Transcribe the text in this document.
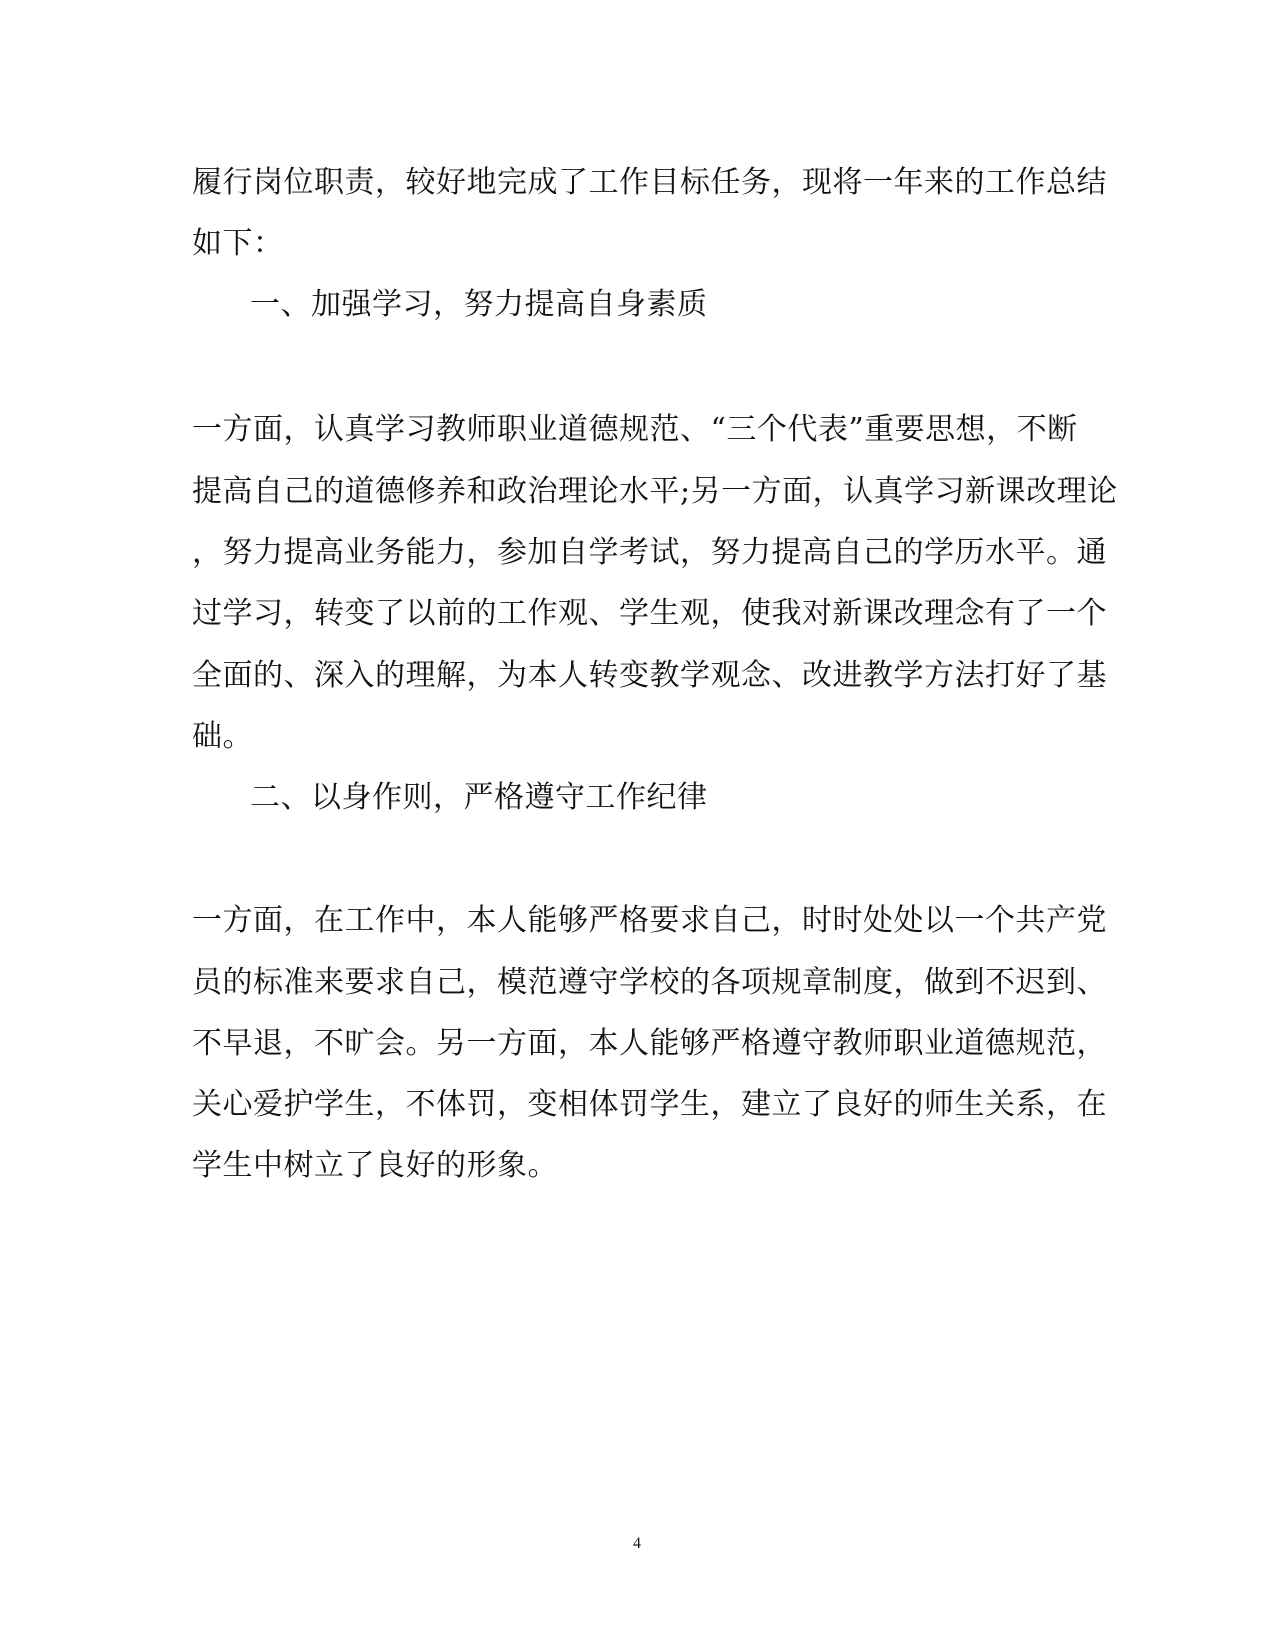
履行岗位职责，较好地完成了工作目标任务，现将一年来的工作总结
如下：
一、加强学习，努力提高自身素质
一方面，认真学习教师职业道德规范、“三个代表”重要思想，不断
提高自己的道德修养和政治理论水平;另一方面，认真学习新课改理论
，努力提高业务能力，参加自学考试，努力提高自己的学历水平。通
过学习，转变了以前的工作观、学生观，使我对新课改理念有了一个
全面的、深入的理解，为本人转变教学观念、改进教学方法打好了基
础。
二、以身作则，严格遵守工作纪律
一方面，在工作中，本人能够严格要求自己，时时处处以一个共产党
员的标准来要求自己，模范遵守学校的各项规章制度，做到不迟到、
不早退，不旷会。另一方面，本人能够严格遵守教师职业道德规范，
关心爱护学生，不体罚，变相体罚学生，建立了良好的师生关系，在
学生中树立了良好的形象。
4
